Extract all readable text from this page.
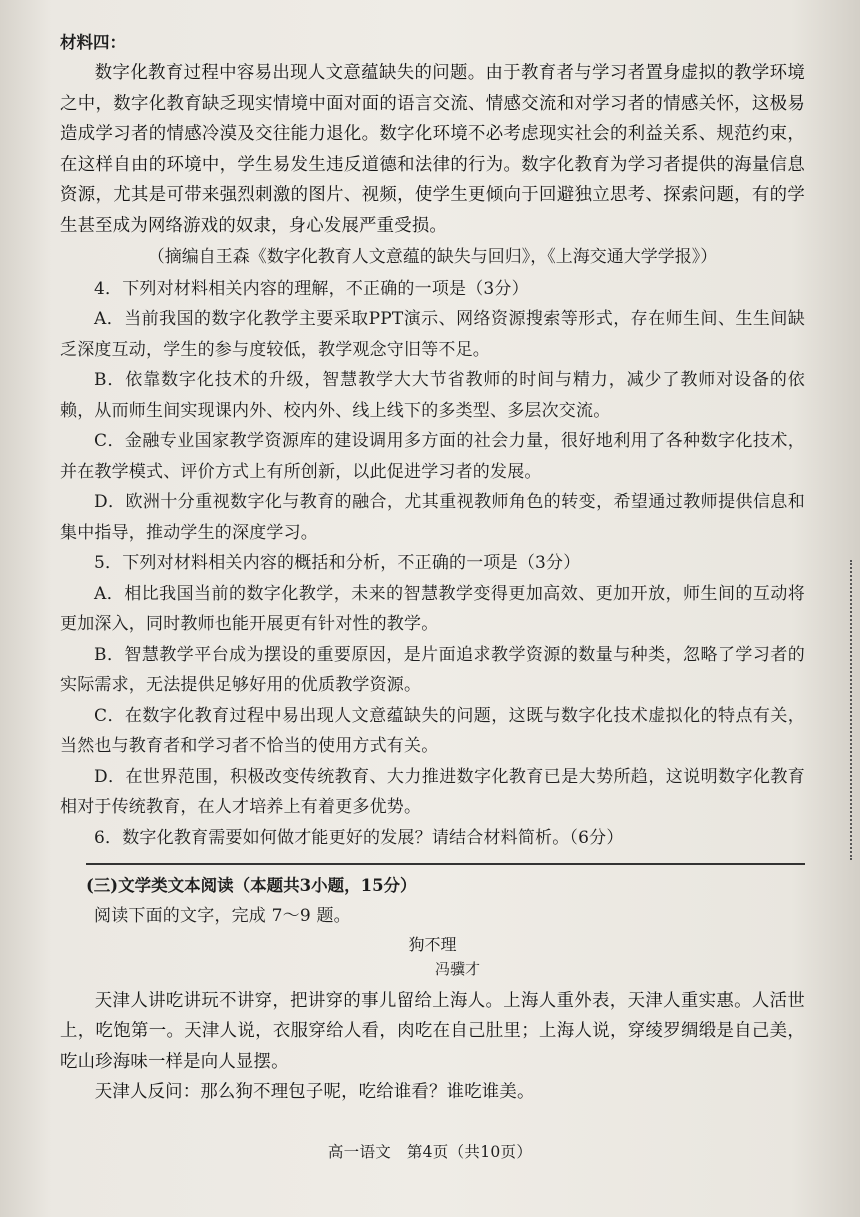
材料四：

数字化教育过程中容易出现人文意蕴缺失的问题。由于教育者与学习者置身虚拟的教学环境之中，数字化教育缺乏现实情境中面对面的语言交流、情感交流和对学习者的情感关怀，这极易造成学习者的情感冷漠及交往能力退化。数字化环境不必考虑现实社会的利益关系、规范约束，在这样自由的环境中，学生易发生违反道德和法律的行为。数字化教育为学习者提供的海量信息资源，尤其是可带来强烈刺激的图片、视频，使学生更倾向于回避独立思考、探索问题，有的学生甚至成为网络游戏的奴隶，身心发展严重受损。

（摘编自王森《数字化教育人文意蕴的缺失与回归》，《上海交通大学学报》）

4．下列对材料相关内容的理解，不正确的一项是（3分）

A．当前我国的数字化教学主要采取PPT演示、网络资源搜索等形式，存在师生间、生生间缺乏深度互动，学生的参与度较低，教学观念守旧等不足。

B．依靠数字化技术的升级，智慧教学大大节省教师的时间与精力，减少了教师对设备的依赖，从而师生间实现课内外、校内外、线上线下的多类型、多层次交流。

C．金融专业国家教学资源库的建设调用多方面的社会力量，很好地利用了各种数字化技术，并在教学模式、评价方式上有所创新，以此促进学习者的发展。

D．欧洲十分重视数字化与教育的融合，尤其重视教师角色的转变，希望通过教师提供信息和集中指导，推动学生的深度学习。

5．下列对材料相关内容的概括和分析，不正确的一项是（3分）

A．相比我国当前的数字化教学，未来的智慧教学变得更加高效、更加开放，师生间的互动将更加深入，同时教师也能开展更有针对性的教学。

B．智慧教学平台成为摆设的重要原因，是片面追求教学资源的数量与种类，忽略了学习者的实际需求，无法提供足够好用的优质教学资源。

C．在数字化教育过程中易出现人文意蕴缺失的问题，这既与数字化技术虚拟化的特点有关，当然也与教育者和学习者不恰当的使用方式有关。

D．在世界范围，积极改变传统教育、大力推进数字化教育已是大势所趋，这说明数字化教育相对于传统教育，在人才培养上有着更多优势。

6．数字化教育需要如何做才能更好的发展？请结合材料简析。（6分）

(三)文学类文本阅读（本题共3小题，15分）

阅读下面的文字，完成 7～9 题。

狗不理

冯骥才

天津人讲吃讲玩不讲穿，把讲穿的事儿留给上海人。上海人重外表，天津人重实惠。人活世上，吃饱第一。天津人说，衣服穿给人看，肉吃在自己肚里；上海人说，穿绫罗绸缎是自己美，吃山珍海味一样是向人显摆。

天津人反问：那么狗不理包子呢，吃给谁看？谁吃谁美。

高一语文　第4页（共10页）
